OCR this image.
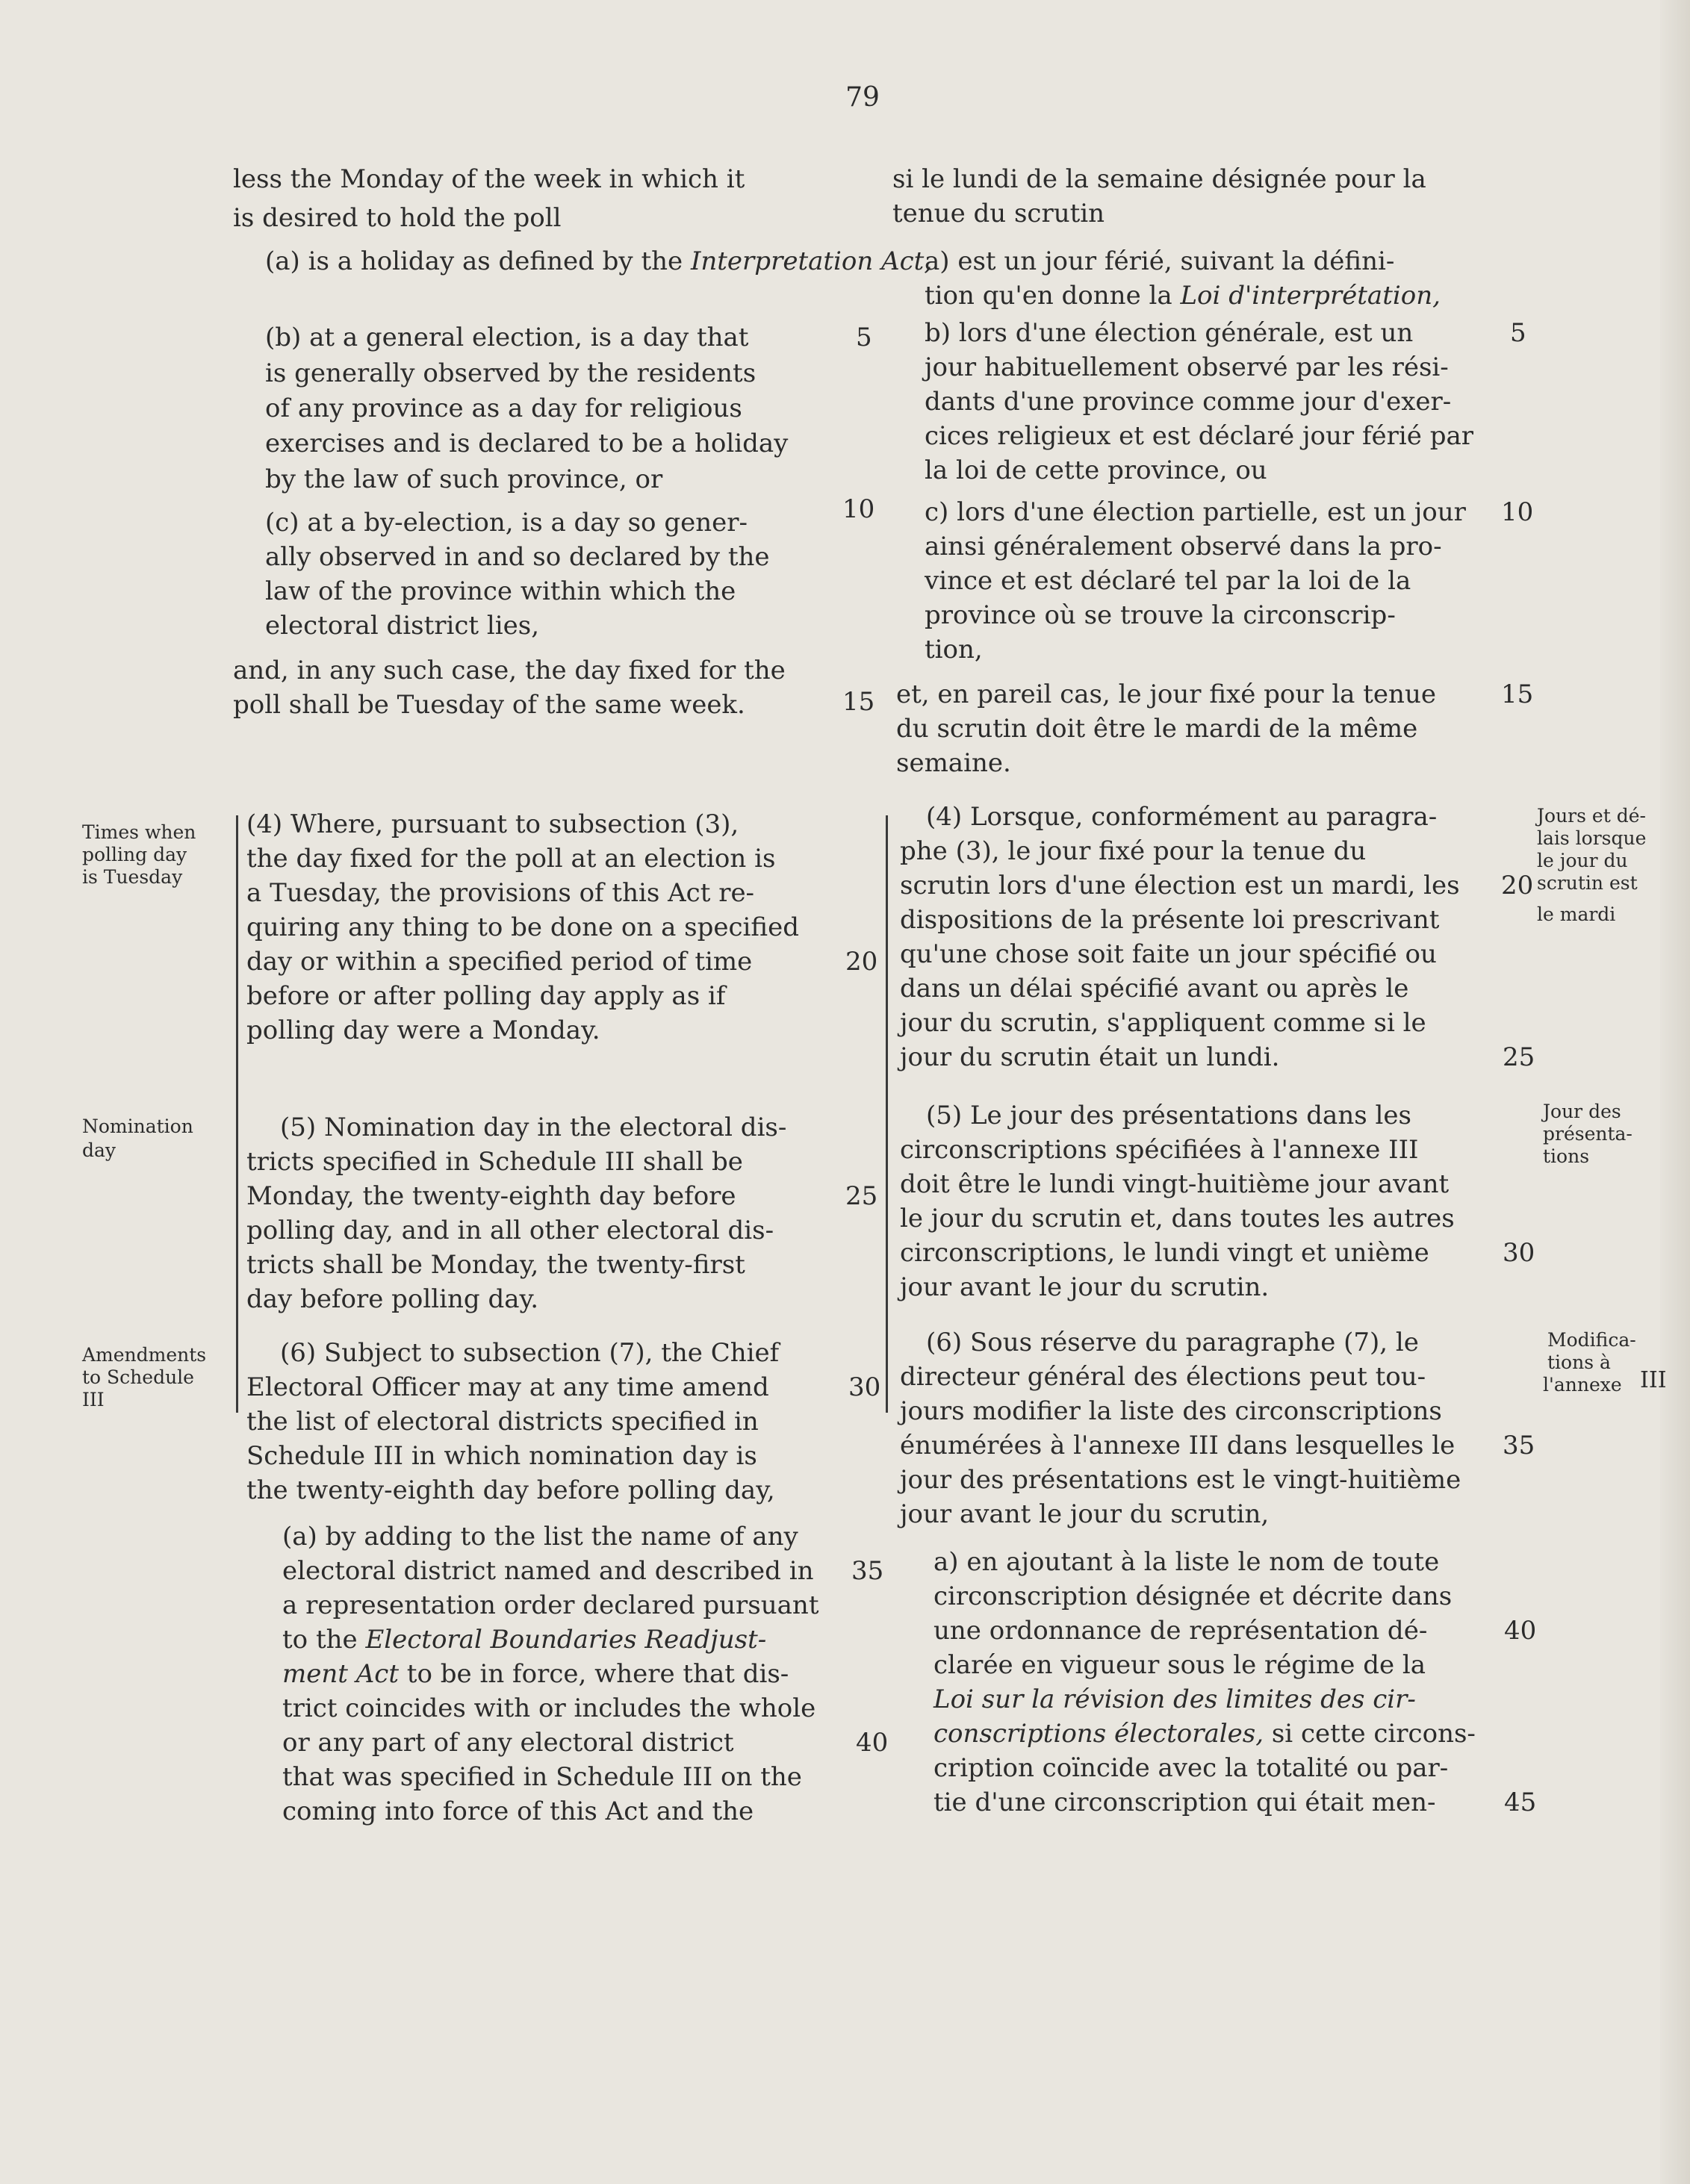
79
less the Monday of the week in which it
is desired to hold the poll
(a) is a holiday as defined by the Interpretation Act,
(b) at a general election, is a day that
is generally observed by the residents
of any province as a day for religious
exercises and is declared to be a holiday
by the law of such province, or
(c) at a by-election, is a day so gener-
ally observed in and so declared by the
law of the province within which the
electoral district lies,
and, in any such case, the day fixed for the
poll shall be Tuesday of the same week.
(4) Where, pursuant to subsection (3),
the day fixed for the poll at an election is
a Tuesday, the provisions of this Act re-
quiring any thing to be done on a specified
day or within a specified period of time
before or after polling day apply as if
polling day were a Monday.
(5) Nomination day in the electoral dis-
tricts specified in Schedule III shall be
Monday, the twenty-eighth day before
polling day, and in all other electoral dis-
tricts shall be Monday, the twenty-first
day before polling day.
(6) Subject to subsection (7), the Chief
Electoral Officer may at any time amend
the list of electoral districts specified in
Schedule III in which nomination day is
the twenty-eighth day before polling day,
(a) by adding to the list the name of any
electoral district named and described in
a representation order declared pursuant
to the Electoral Boundaries Readjust-
ment Act to be in force, where that dis-
trict coincides with or includes the whole
or any part of any electoral district
that was specified in Schedule III on the
coming into force of this Act and the
5
10
15
20
25
30
35
40
Times when
polling day
is Tuesday
Nomination
day
Amendments
to Schedule
III
si le lundi de la semaine désignée pour la
tenue du scrutin
a) est un jour férié, suivant la défini-
tion qu'en donne la Loi d'interprétation,
b) lors d'une élection générale, est un
jour habituellement observé par les rési-
dants d'une province comme jour d'exer-
cices religieux et est déclaré jour férié par
la loi de cette province, ou
c) lors d'une élection partielle, est un jour
ainsi généralement observé dans la pro-
vince et est déclaré tel par la loi de la
province où se trouve la circonscrip-
tion,
et, en pareil cas, le jour fixé pour la tenue
du scrutin doit être le mardi de la même
semaine.
(4) Lorsque, conformément au paragra-
phe (3), le jour fixé pour la tenue du
scrutin lors d'une élection est un mardi, les
dispositions de la présente loi prescrivant
qu'une chose soit faite un jour spécifié ou
dans un délai spécifié avant ou après le
jour du scrutin, s'appliquent comme si le
jour du scrutin était un lundi.
(5) Le jour des présentations dans les
circonscriptions spécifiées à l'annexe III
doit être le lundi vingt-huitième jour avant
le jour du scrutin et, dans toutes les autres
circonscriptions, le lundi vingt et unième
jour avant le jour du scrutin.
(6) Sous réserve du paragraphe (7), le
directeur général des élections peut tou-
jours modifier la liste des circonscriptions
énumérées à l'annexe III dans lesquelles le
jour des présentations est le vingt-huitième
jour avant le jour du scrutin,
a) en ajoutant à la liste le nom de toute
circonscription désignée et décrite dans
une ordonnance de représentation dé-
clarée en vigueur sous le régime de la
Loi sur la révision des limites des cir-
conscriptions électorales, si cette circons-
cription coïncide avec la totalité ou par-
tie d'une circonscription qui était men-
5
10
15
20
25
30
35
40
45
Jours et dé-
lais lorsque
le jour du
scrutin est
le mardi
Jour des
présenta-
tions
Modifica-
tions à
l'annexe III
